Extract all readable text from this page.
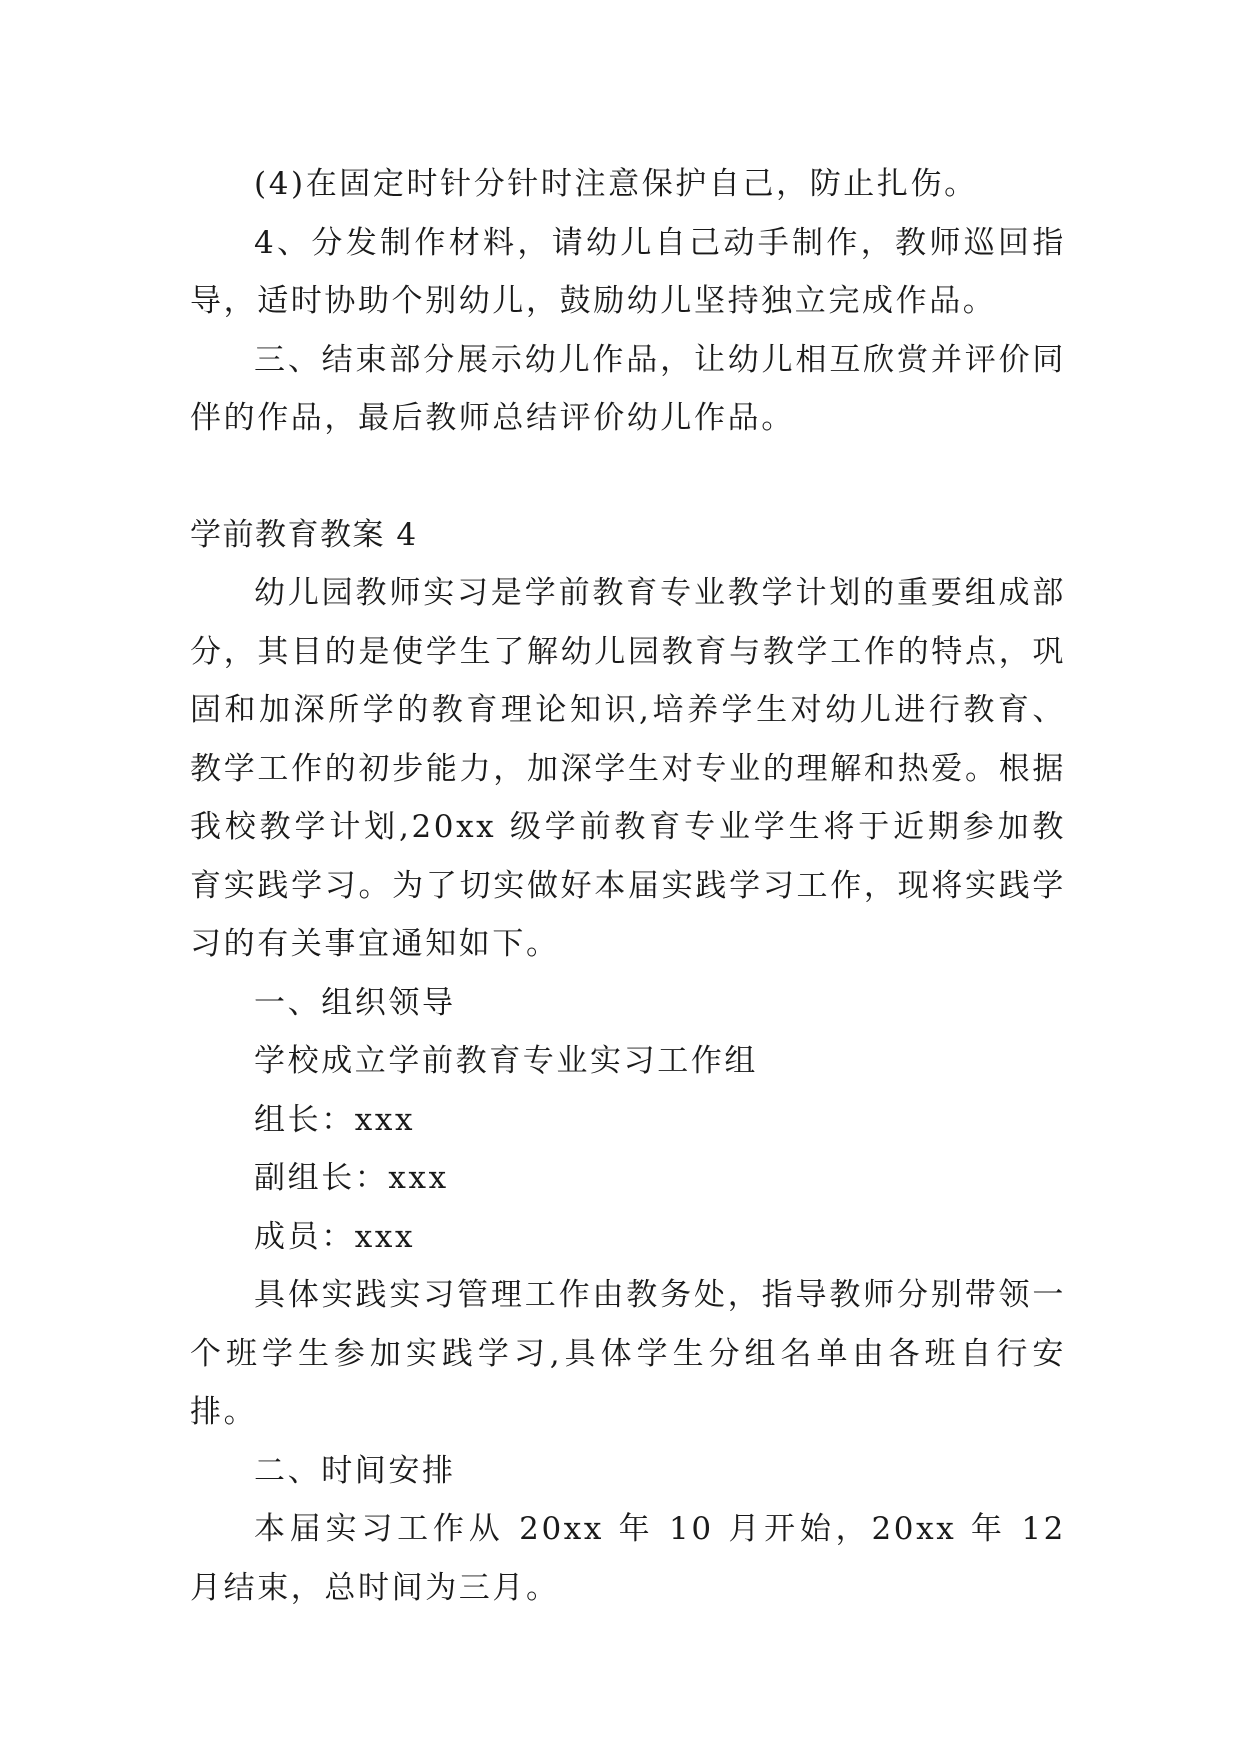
(4)在固定时针分针时注意保护自己，防止扎伤。

4、分发制作材料，请幼儿自己动手制作，教师巡回指导，适时协助个别幼儿，鼓励幼儿坚持独立完成作品。

三、结束部分展示幼儿作品，让幼儿相互欣赏并评价同伴的作品，最后教师总结评价幼儿作品。

学前教育教案 4

幼儿园教师实习是学前教育专业教学计划的重要组成部分，其目的是使学生了解幼儿园教育与教学工作的特点，巩固和加深所学的教育理论知识,培养学生对幼儿进行教育、教学工作的初步能力，加深学生对专业的理解和热爱。根据我校教学计划,20xx 级学前教育专业学生将于近期参加教育实践学习。为了切实做好本届实践学习工作，现将实践学习的有关事宜通知如下。

一、组织领导

学校成立学前教育专业实习工作组

组长：xxx

副组长：xxx

成员：xxx

具体实践实习管理工作由教务处，指导教师分别带领一个班学生参加实践学习,具体学生分组名单由各班自行安排。

二、时间安排

本届实习工作从 20xx 年 10 月开始，20xx 年 12 月结束，总时间为三月。
